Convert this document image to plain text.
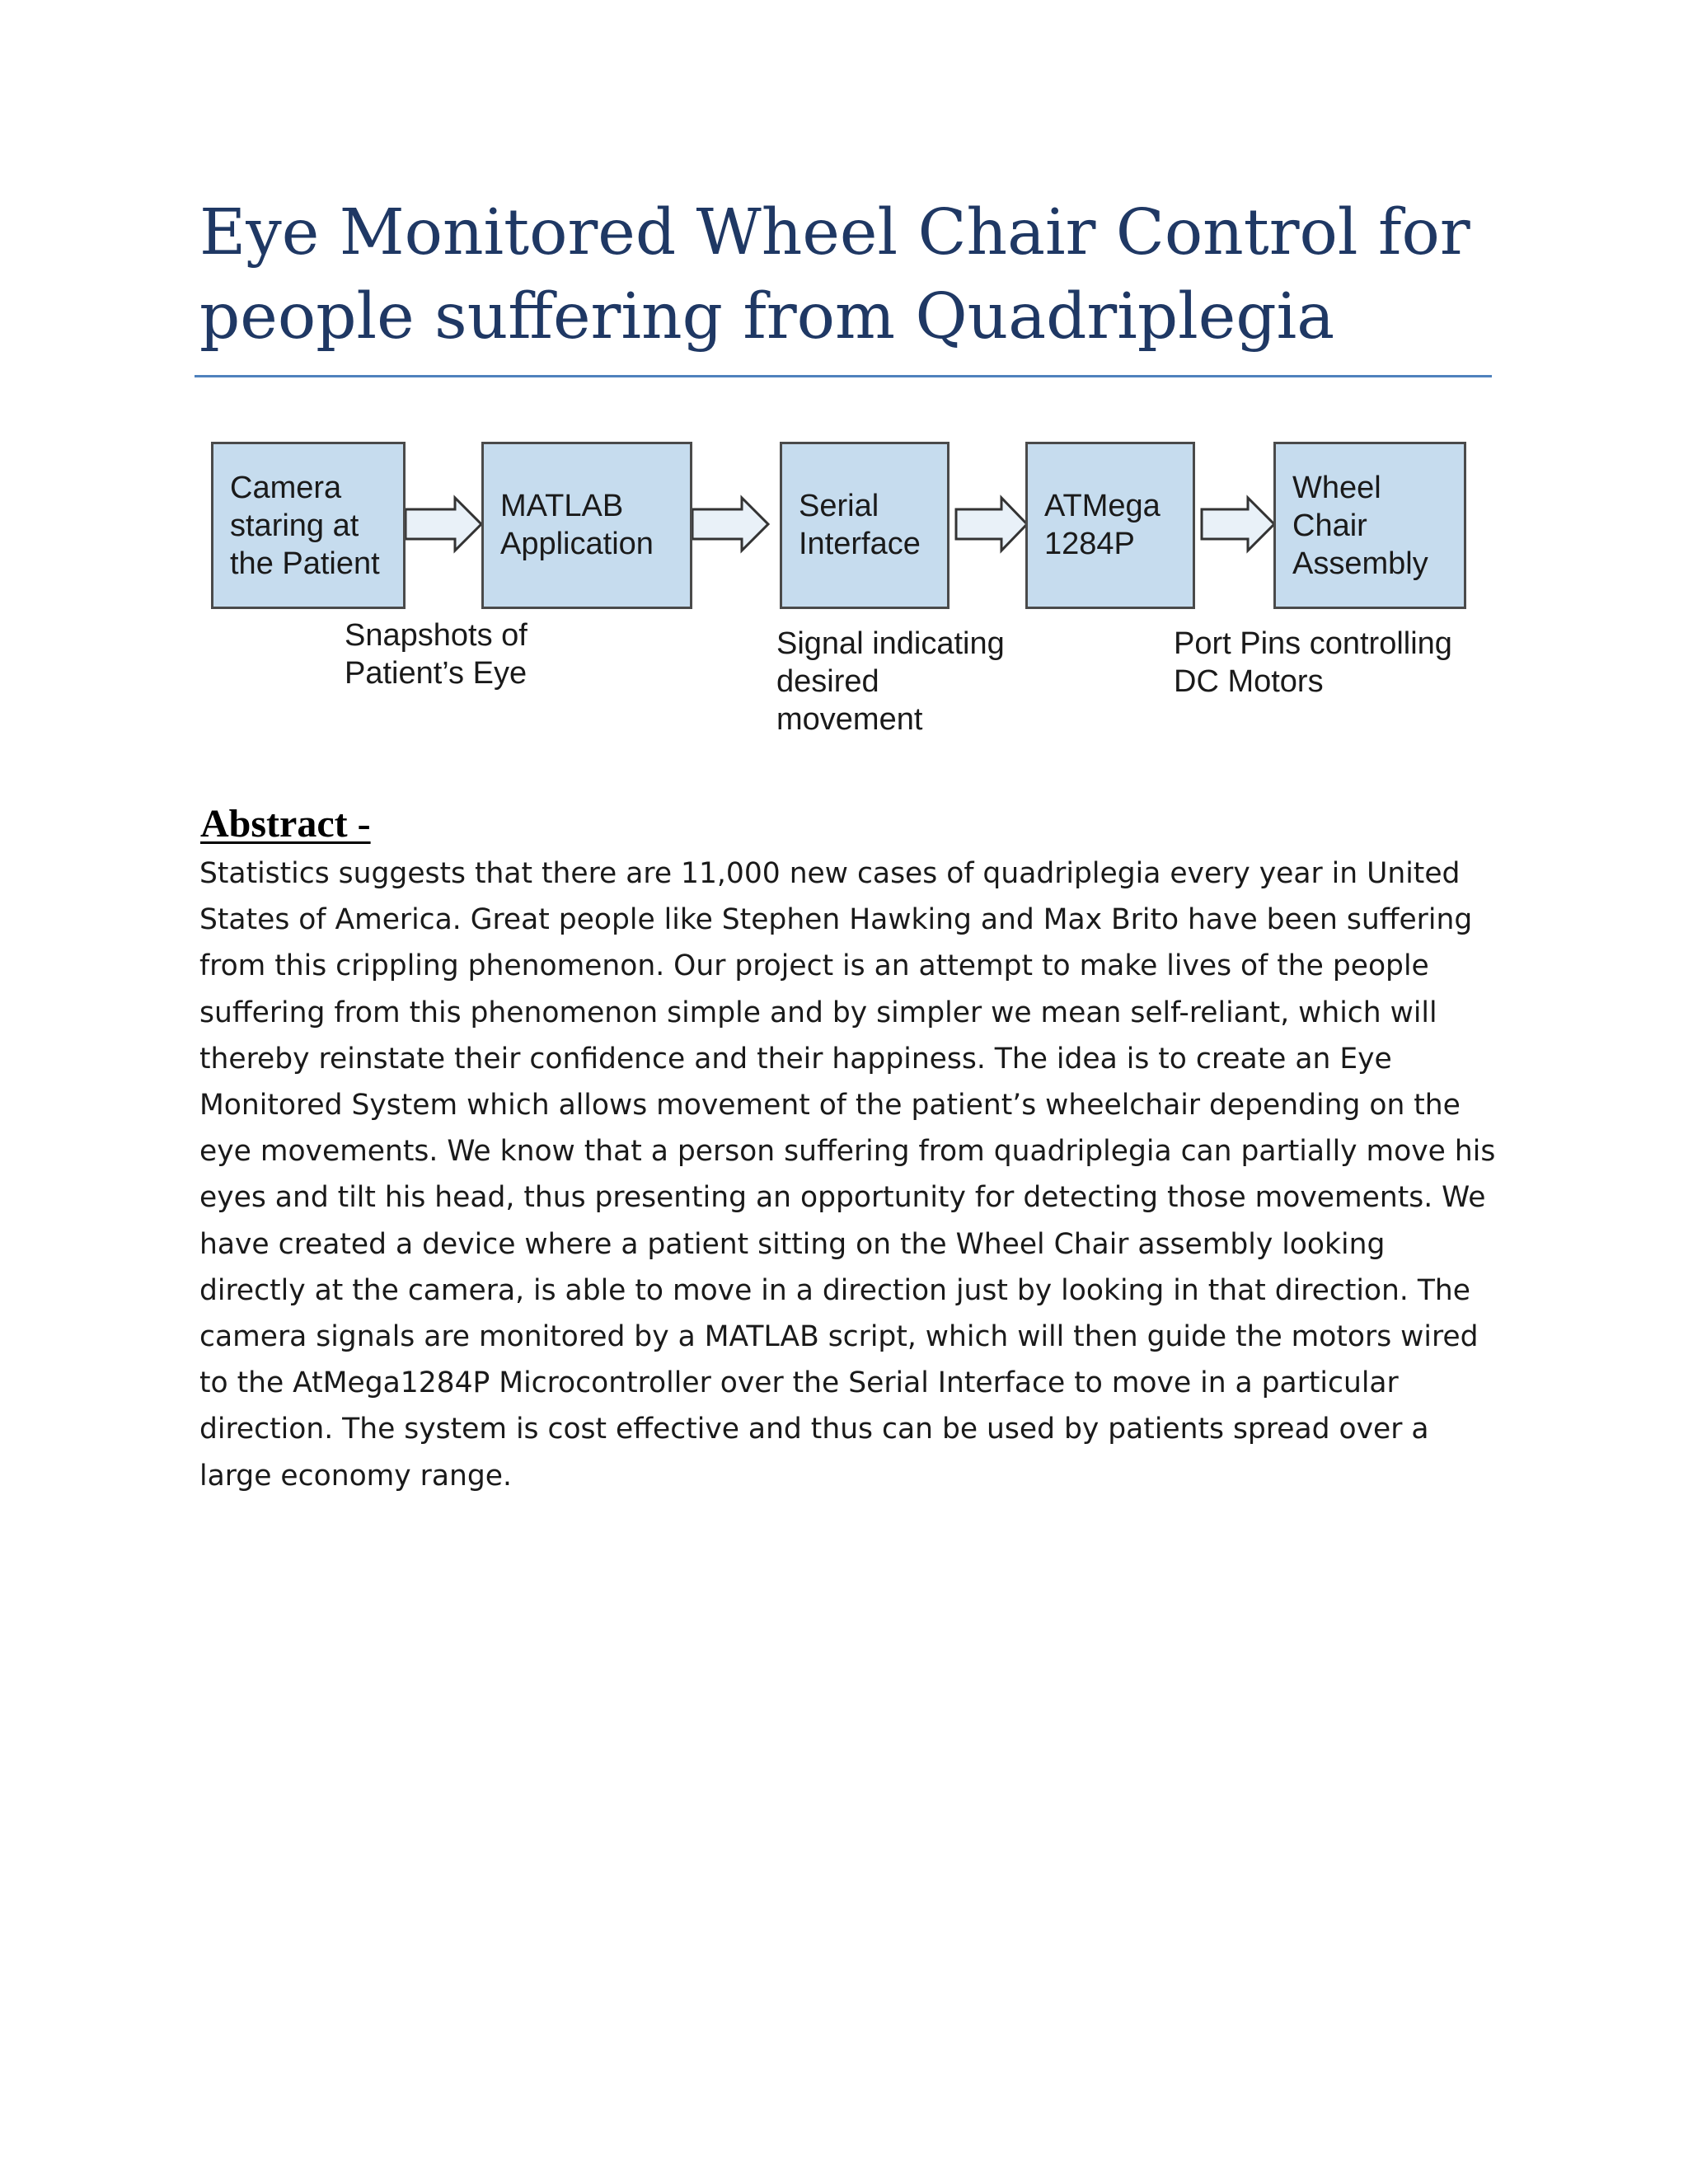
Eye Monitored Wheel Chair Control for people suffering from Quadriplegia
Camera
staring at
the Patient
MATLAB
Application
Serial
Interface
ATMega
1284P
Wheel
Chair
Assembly
Snapshots of
Patient’s Eye
Signal indicating
desired
movement
Port Pins controlling
DC Motors
Abstract -

Statistics suggests that there are 11,000 new cases of quadriplegia every year in United States of America. Great people like Stephen Hawking and Max Brito have been suffering from this crippling phenomenon. Our project is an attempt to make lives of the people suffering from this phenomenon simple and by simpler we mean self-reliant, which will thereby reinstate their confidence and their happiness. The idea is to create an Eye Monitored System which allows movement of the patient’s wheelchair depending on the eye movements. We know that a person suffering from quadriplegia can partially move his eyes and tilt his head, thus presenting an opportunity for detecting those movements. We have created a device where a patient sitting on the Wheel Chair assembly looking directly at the camera, is able to move in a direction just by looking in that direction. The camera signals are monitored by a MATLAB script, which will then guide the motors wired to the AtMega1284P Microcontroller over the Serial Interface to move in a particular direction. The system is cost effective and thus can be used by patients spread over a large economy range.
